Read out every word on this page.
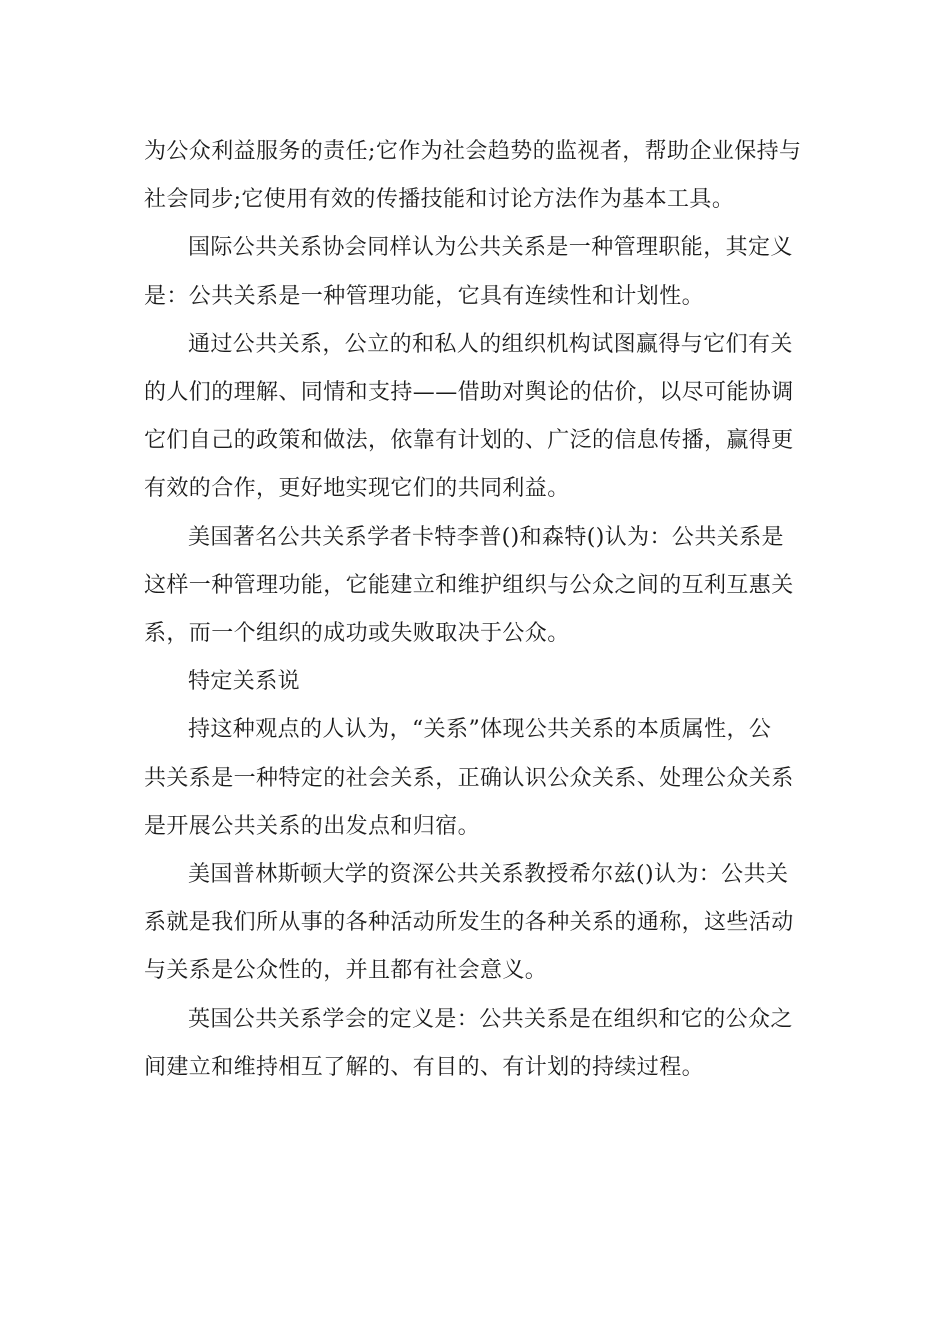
为公众利益服务的责任;它作为社会趋势的监视者，帮助企业保持与
社会同步;它使用有效的传播技能和讨论方法作为基本工具。
国际公共关系协会同样认为公共关系是一种管理职能，其定义
是：公共关系是一种管理功能，它具有连续性和计划性。
通过公共关系，公立的和私人的组织机构试图赢得与它们有关
的人们的理解、同情和支持——借助对舆论的估价，以尽可能协调
它们自己的政策和做法，依靠有计划的、广泛的信息传播，赢得更
有效的合作，更好地实现它们的共同利益。
美国著名公共关系学者卡特李普()和森特()认为：公共关系是
这样一种管理功能，它能建立和维护组织与公众之间的互利互惠关
系，而一个组织的成功或失败取决于公众。
特定关系说
持这种观点的人认为，“关系”体现公共关系的本质属性，公
共关系是一种特定的社会关系，正确认识公众关系、处理公众关系
是开展公共关系的出发点和归宿。
美国普林斯顿大学的资深公共关系教授希尔兹()认为：公共关
系就是我们所从事的各种活动所发生的各种关系的通称，这些活动
与关系是公众性的，并且都有社会意义。
英国公共关系学会的定义是：公共关系是在组织和它的公众之
间建立和维持相互了解的、有目的、有计划的持续过程。
